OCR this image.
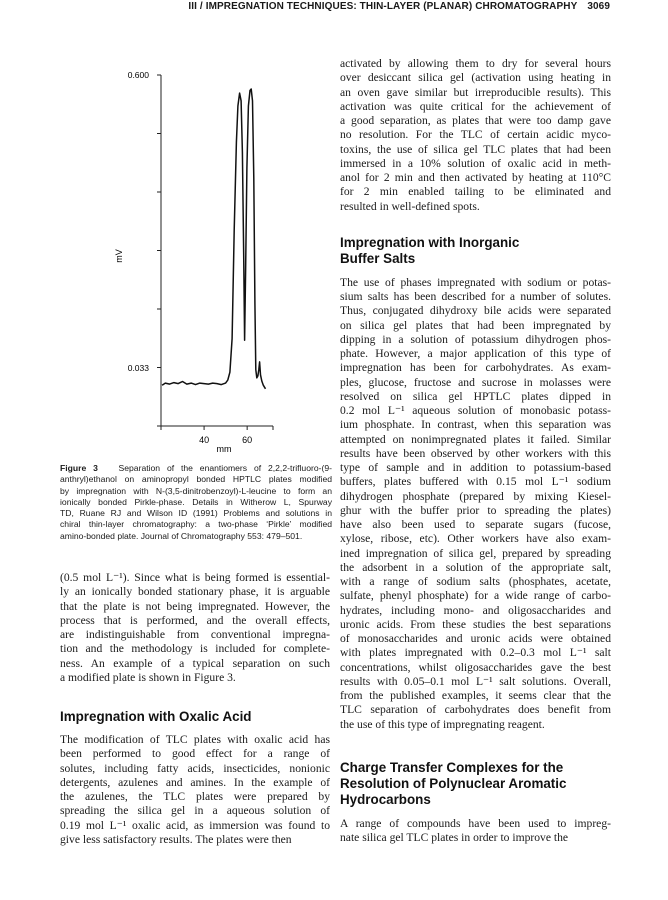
III / IMPREGNATION TECHNIQUES: THIN-LAYER (PLANAR) CHROMATOGRAPHY 3069
mV
mm
40	60
0.600
0.033
Figure 3 Separation of the enantiomers of 2,2,2-trifluoro-(9-
anthryl)ethanol on aminopropyl bonded HPTLC plates modified
by impregnation with N-(3,5-dinitrobenzoyl)-L-leucine to form an
ionically bonded Pirkle-phase. Details in Witherow L, Spurway
TD, Ruane RJ and Wilson ID (1991) Problems and solutions in
chiral thin-layer chromatography: a two-phase ‘Pirkle’ modified
amino-bonded plate. Journal of Chromatography 553: 479–501.
(0.5 mol L⁻¹). Since what is being formed is essential-
ly an ionically bonded stationary phase, it is arguable
that the plate is not being impregnated. However, the
process that is performed, and the overall effects,
are indistinguishable from conventional impregna-
tion and the methodology is included for complete-
ness. An example of a typical separation on such
a modified plate is shown in Figure 3.
Impregnation with Oxalic Acid
The modification of TLC plates with oxalic acid has
been performed to good effect for a range of
solutes, including fatty acids, insecticides, nonionic
detergents, azulenes and amines. In the example of
the azulenes, the TLC plates were prepared by
spreading the silica gel in a aqueous solution of
0.19 mol L⁻¹ oxalic acid, as immersion was found to
give less satisfactory results. The plates were then
activated by allowing them to dry for several hours
over desiccant silica gel (activation using heating in
an oven gave similar but irreproducible results). This
activation was quite critical for the achievement of
a good separation, as plates that were too damp gave
no resolution. For the TLC of certain acidic myco-
toxins, the use of silica gel TLC plates that had been
immersed in a 10% solution of oxalic acid in meth-
anol for 2 min and then activated by heating at 110°C
for 2 min enabled tailing to be eliminated and
resulted in well-defined spots.
Impregnation with Inorganic
Buffer Salts
The use of phases impregnated with sodium or potas-
sium salts has been described for a number of solutes.
Thus, conjugated dihydroxy bile acids were separated
on silica gel plates that had been impregnated by
dipping in a solution of potassium dihydrogen phos-
phate. However, a major application of this type of
impregnation has been for carbohydrates. As exam-
ples, glucose, fructose and sucrose in molasses were
resolved on silica gel HPTLC plates dipped in
0.2 mol L⁻¹ aqueous solution of monobasic potass-
ium phosphate. In contrast, when this separation was
attempted on nonimpregnated plates it failed. Similar
results have been observed by other workers with this
type of sample and in addition to potassium-based
buffers, plates buffered with 0.15 mol L⁻¹ sodium
dihydrogen phosphate (prepared by mixing Kiesel-
ghur with the buffer prior to spreading the plates)
have also been used to separate sugars (fucose,
xylose, ribose, etc). Other workers have also exam-
ined impregnation of silica gel, prepared by spreading
the adsorbent in a solution of the appropriate salt,
with a range of sodium salts (phosphates, acetate,
sulfate, phenyl phosphate) for a wide range of carbo-
hydrates, including mono- and oligosaccharides and
uronic acids. From these studies the best separations
of monosaccharides and uronic acids were obtained
with plates impregnated with 0.2–0.3 mol L⁻¹ salt
concentrations, whilst oligosaccharides gave the best
results with 0.05–0.1 mol L⁻¹ salt solutions. Overall,
from the published examples, it seems clear that the
TLC separation of carbohydrates does benefit from
the use of this type of impregnating reagent.
Charge Transfer Complexes for the
Resolution of Polynuclear Aromatic
Hydrocarbons
A range of compounds have been used to impreg-
nate silica gel TLC plates in order to improve the
